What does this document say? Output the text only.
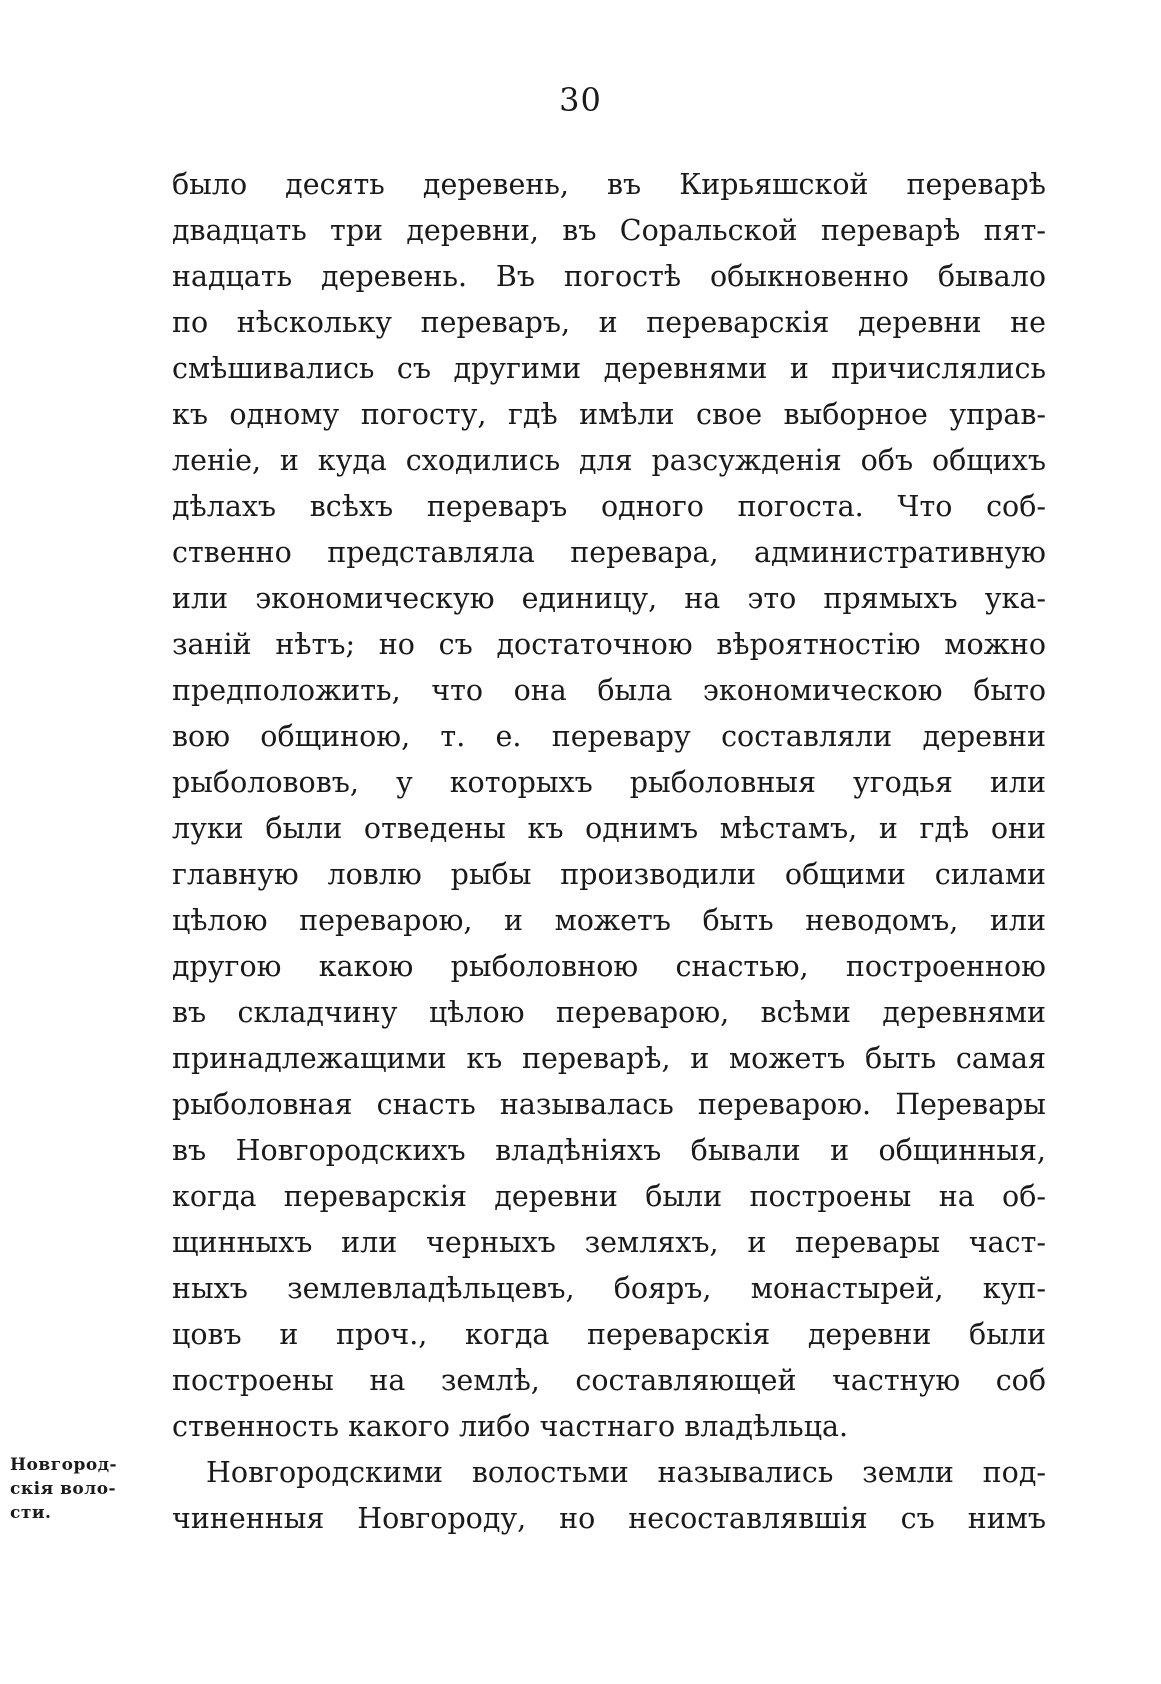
30
было десять деревень, въ Кирьяшской переварѣ
двадцать три деревни, въ Соральской переварѣ пят-
надцать деревень. Въ погостѣ обыкновенно бывало
по нѣскольку переваръ, и переварскія деревни не
смѣшивались съ другими деревнями и причислялись
къ одному погосту, гдѣ имѣли свое выборное управ-
леніе, и куда сходились для разсужденія объ общихъ
дѣлахъ всѣхъ переваръ одного погоста. Что соб-
ственно представляла перевара, административную
или экономическую единицу, на это прямыхъ ука-
заній нѣтъ; но съ достаточною вѣроятностію можно
предположить, что она была экономическою быто
вою общиною, т. е. перевару составляли деревни
рыболововъ, у которыхъ рыболовныя угодья или
луки были отведены къ однимъ мѣстамъ, и гдѣ они
главную ловлю рыбы производили общими силами
цѣлою переварою, и можетъ быть неводомъ, или
другою какою рыболовною снастью, построенною
въ складчину цѣлою переварою, всѣми деревнями
принадлежащими къ переварѣ, и можетъ быть самая
рыболовная снасть называлась переварою. Перевары
въ Новгородскихъ владѣніяхъ бывали и общинныя,
когда переварскія деревни были построены на об-
щинныхъ или черныхъ земляхъ, и перевары част-
ныхъ землевладѣльцевъ, бояръ, монастырей, куп-
цовъ и проч., когда переварскія деревни были
построены на землѣ, составляющей частную соб
ственность какого либо частнаго владѣльца.
Новгородскими волостьми назывались земли под-
чиненныя Новгороду, но несоставлявшія съ нимъ
Новгород-
скія воло-
сти.
